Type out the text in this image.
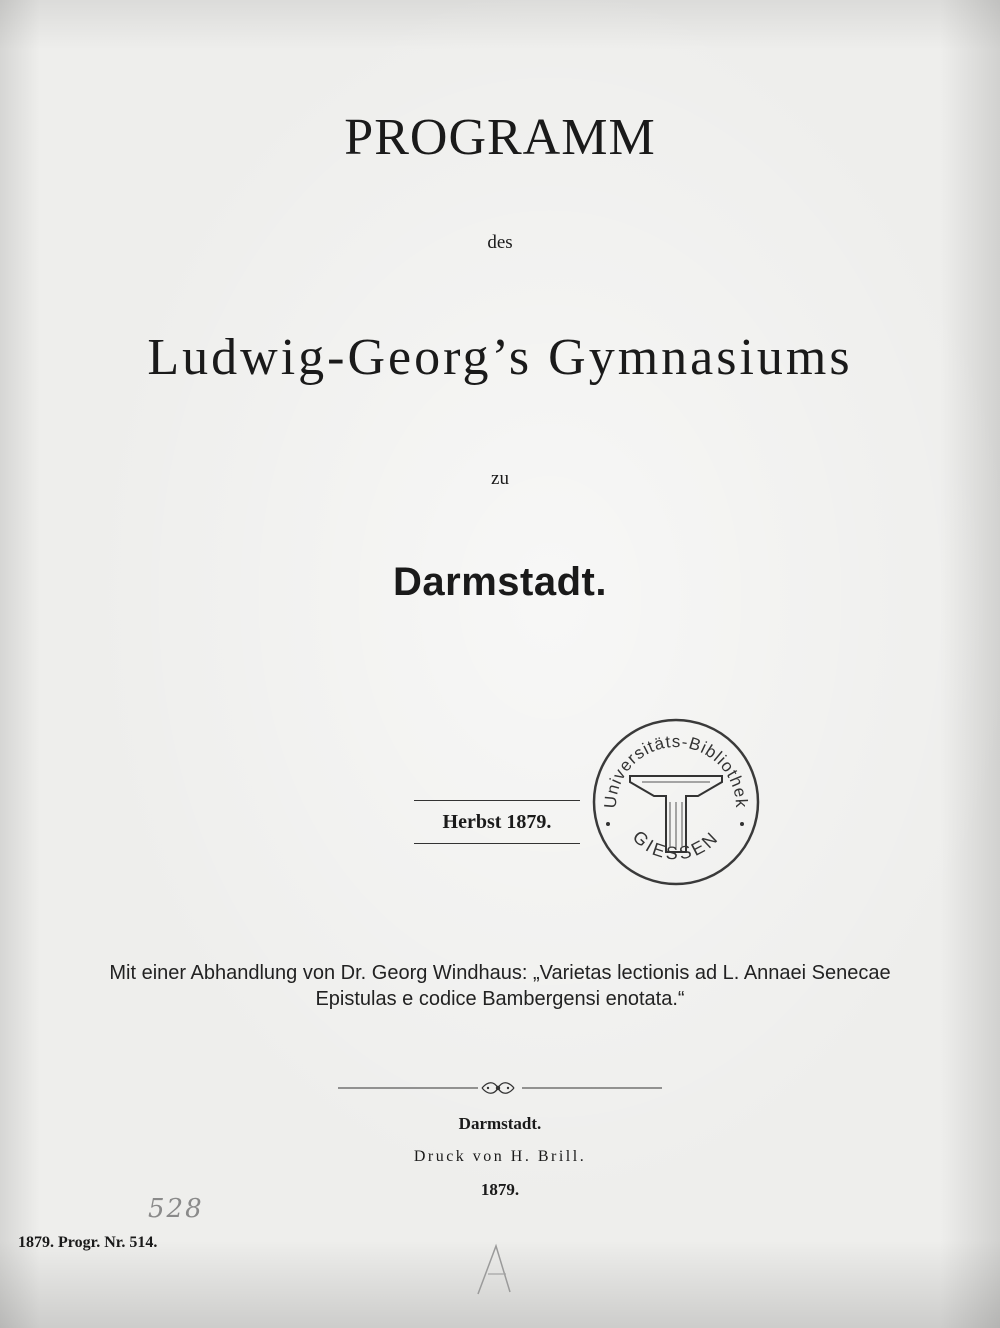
PROGRAMM
des
Ludwig-Georg’s Gymnasiums
zu
Darmstadt.
Herbst 1879.
Universitäts-Bibliothek
GIESSEN
Mit einer Abhandlung von Dr. Georg Windhaus: „Varietas lectionis ad L. Annaei Senecae
Epistulas e codice Bambergensi enotata.“
Darmstadt.
Druck von H. Brill.
1879.
528
1879. Progr. Nr. 514.
